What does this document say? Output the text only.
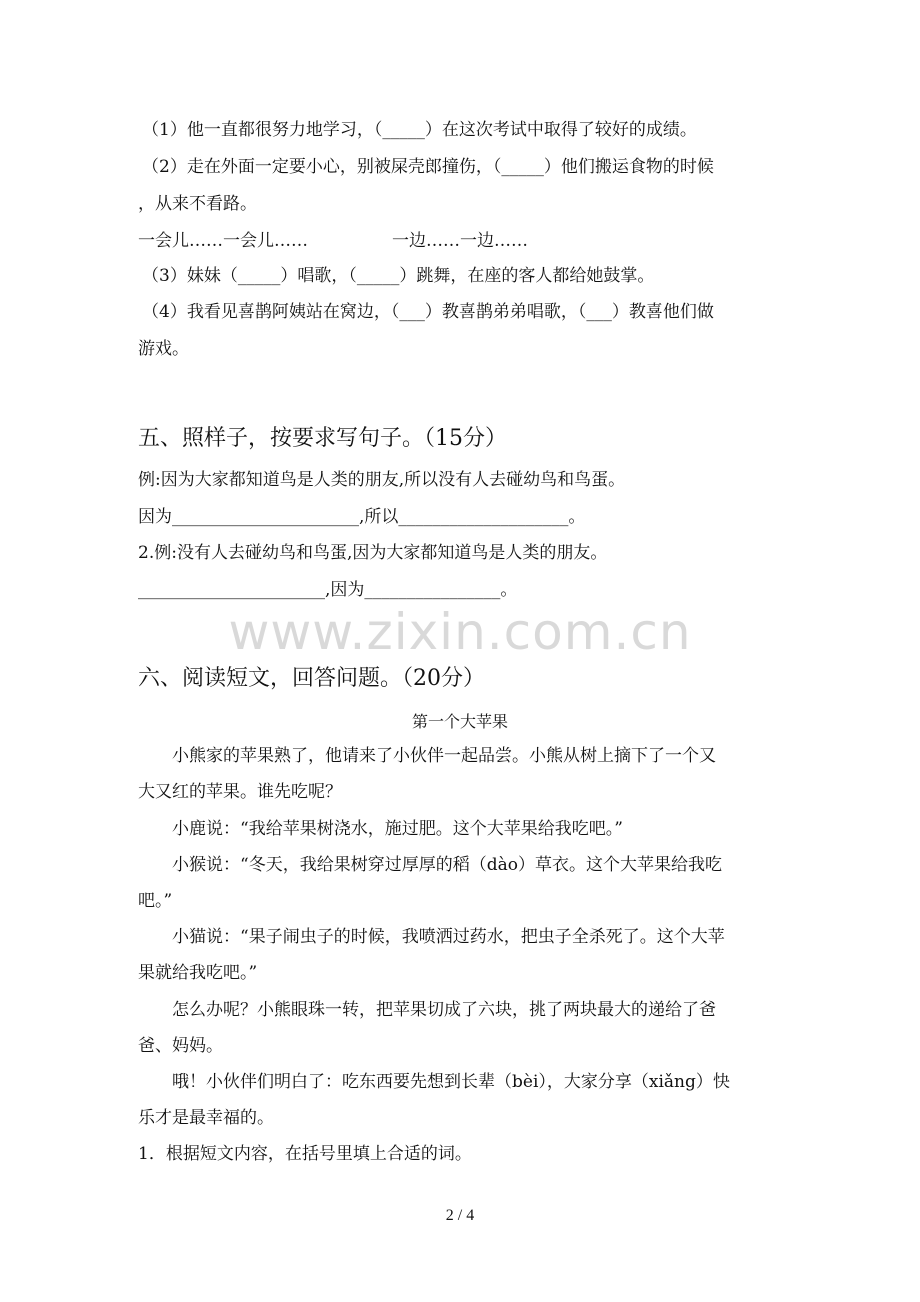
（1）他一直都很努力地学习，（_____）在这次考试中取得了较好的成绩。
（2）走在外面一定要小心，别被屎壳郎撞伤，（_____）他们搬运食物的时候
，从来不看路。
一会儿……一会儿……	一边……一边……
（3）妹妹（_____）唱歌，（_____）跳舞，在座的客人都给她鼓掌。
（4）我看见喜鹊阿姨站在窝边，（___）教喜鹊弟弟唱歌，（___）教喜他们做
游戏。
五、照样子，按要求写句子。（15分）
例:因为大家都知道鸟是人类的朋友,所以没有人去碰幼鸟和鸟蛋。
因为______________________,所以____________________。
2.例:没有人去碰幼鸟和鸟蛋,因为大家都知道鸟是人类的朋友。
______________________,因为________________。
www.zixin.com.cn
六、阅读短文，回答问题。（20分）
第一个大苹果
小熊家的苹果熟了，他请来了小伙伴一起品尝。小熊从树上摘下了一个又
大又红的苹果。谁先吃呢？
小鹿说：“我给苹果树浇水，施过肥。这个大苹果给我吃吧。”
小猴说：“冬天，我给果树穿过厚厚的稻（dào）草衣。这个大苹果给我吃
吧。”
小猫说：“果子闹虫子的时候，我喷洒过药水，把虫子全杀死了。这个大苹
果就给我吃吧。”
怎么办呢？小熊眼珠一转，把苹果切成了六块，挑了两块最大的递给了爸
爸、妈妈。
哦！小伙伴们明白了：吃东西要先想到长辈（bèi），大家分享（xiǎng）快
乐才是最幸福的。
1．根据短文内容，在括号里填上合适的词。
2 / 4
